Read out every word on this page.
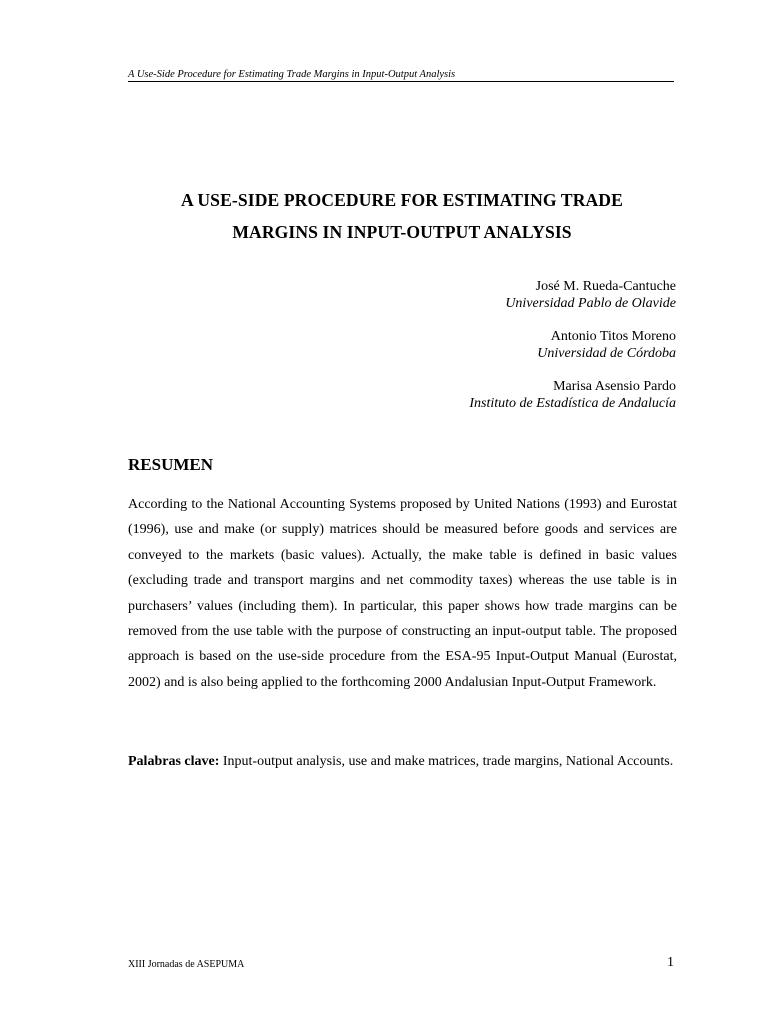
A Use-Side Procedure for Estimating Trade Margins in Input-Output Analysis
A USE-SIDE PROCEDURE FOR ESTIMATING TRADE
MARGINS IN INPUT-OUTPUT ANALYSIS
José M. Rueda-Cantuche
Universidad Pablo de Olavide
Antonio Titos Moreno
Universidad de Córdoba
Marisa Asensio Pardo
Instituto de Estadística de Andalucía
RESUMEN

According to the National Accounting Systems proposed by United Nations (1993) and Eurostat (1996), use and make (or supply) matrices should be measured before goods and services are conveyed to the markets (basic values). Actually, the make table is defined in basic values (excluding trade and transport margins and net commodity taxes) whereas the use table is in purchasers’ values (including them). In particular, this paper shows how trade margins can be removed from the use table with the purpose of constructing an input-output table. The proposed approach is based on the use-side procedure from the ESA-95 Input-Output Manual (Eurostat, 2002) and is also being applied to the forthcoming 2000 Andalusian Input-Output Framework.

Palabras clave: Input-output analysis, use and make matrices, trade margins, National Accounts.

XIII Jornadas de ASEPUMA	1
